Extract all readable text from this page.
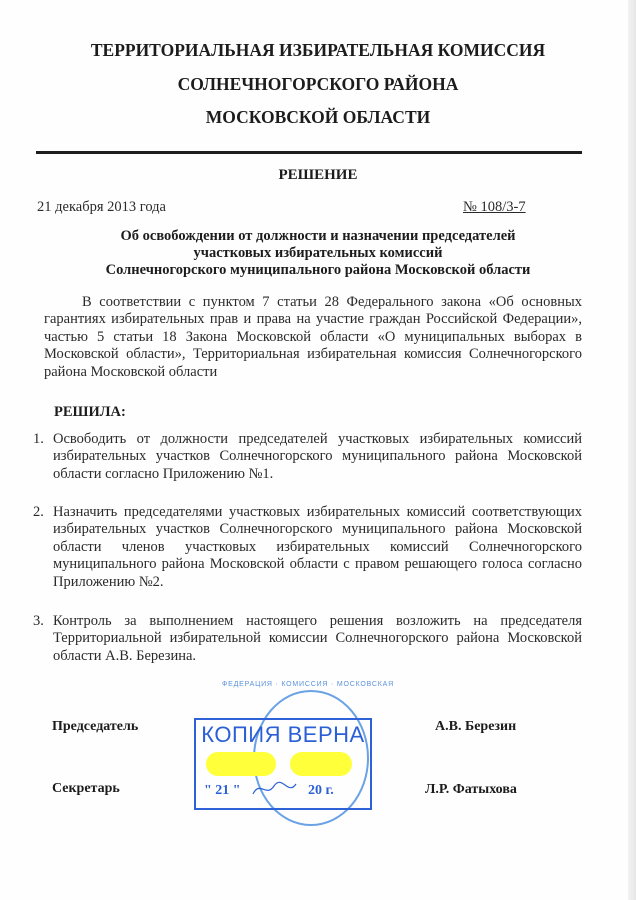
ТЕРРИТОРИАЛЬНАЯ ИЗБИРАТЕЛЬНАЯ КОМИССИЯ
СОЛНЕЧНОГОРСКОГО РАЙОНА
МОСКОВСКОЙ ОБЛАСТИ
РЕШЕНИЕ
21 декабря 2013 года	№ 108/3-7
Об освобождении от должности и назначении председателей
участковых избирательных комиссий
Солнечногорского муниципального района Московской области
В соответствии с пунктом 7 статьи 28 Федерального закона «Об основных гарантиях избирательных прав и права на участие граждан Российской Федерации», частью 5 статьи 18 Закона Московской области «О муниципальных выборах в Московской области», Территориальная избирательная комиссия Солнечногорского района Московской области
РЕШИЛА:
1. Освободить от должности председателей участковых избирательных комиссий избирательных участков Солнечногорского муниципального района Московской области согласно Приложению №1.
2. Назначить председателями участковых избирательных комиссий соответствующих избирательных участков Солнечногорского муниципального района Московской области членов участковых избирательных комиссий Солнечногорского муниципального района Московской области с правом решающего голоса согласно Приложению №2.
3. Контроль за выполнением настоящего решения возложить на председателя Территориальной избирательной комиссии Солнечногорского района Московской области А.В. Березина.
ФЕДЕРАЦИЯ · КОМИССИЯ · МОСКОВСКАЯ
КОПИЯ ВЕРНА
" 21 "	20 г.
Председатель	А.В. Березин
Секретарь	Л.Р. Фатыхова
